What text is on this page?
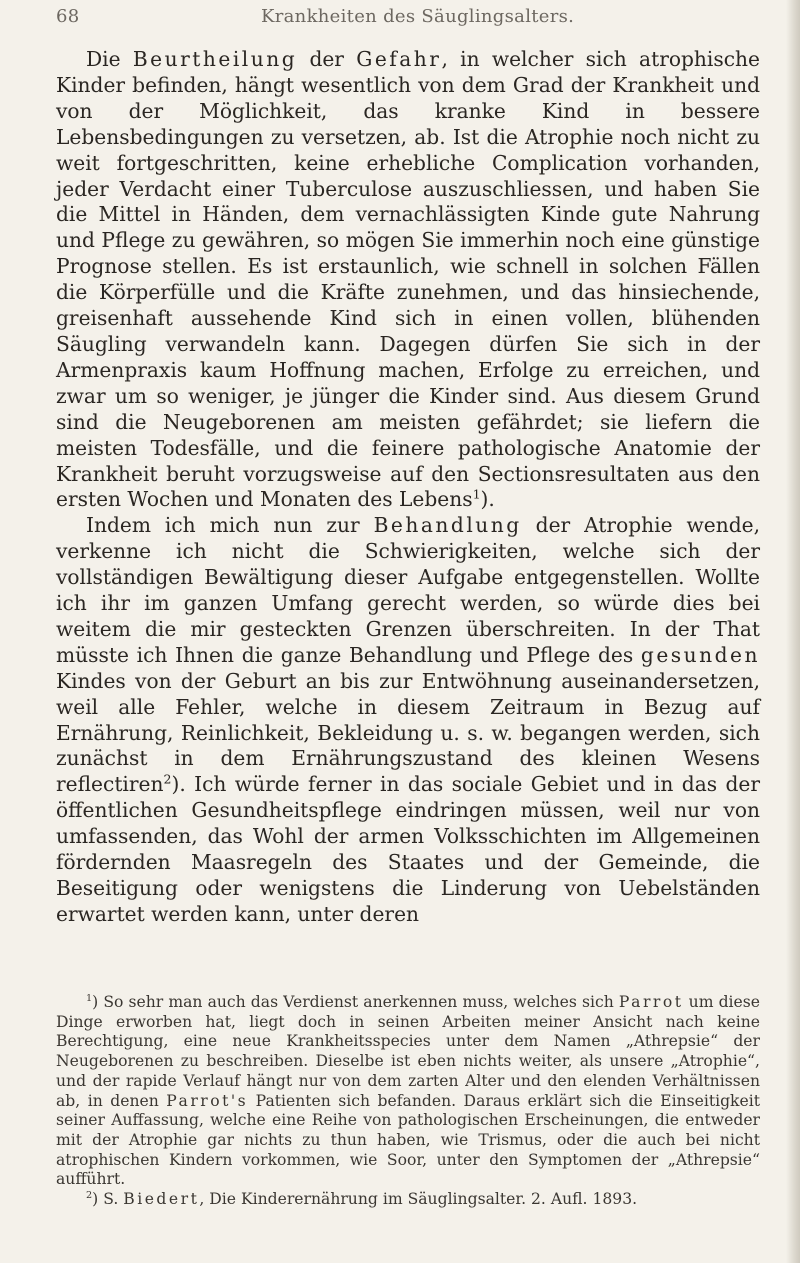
68	Krankheiten des Säuglingsalters.

Die Beurtheilung der Gefahr, in welcher sich atrophische Kinder befinden, hängt wesentlich von dem Grad der Krankheit und von der Möglichkeit, das kranke Kind in bessere Lebensbedingungen zu versetzen, ab. Ist die Atrophie noch nicht zu weit fortgeschritten, keine erhebliche Complication vorhanden, jeder Verdacht einer Tuberculose auszuschliessen, und haben Sie die Mittel in Händen, dem vernachlässigten Kinde gute Nahrung und Pflege zu gewähren, so mögen Sie immerhin noch eine günstige Prognose stellen. Es ist erstaunlich, wie schnell in solchen Fällen die Körperfülle und die Kräfte zunehmen, und das hinsiechende, greisenhaft aussehende Kind sich in einen vollen, blühenden Säugling verwandeln kann. Dagegen dürfen Sie sich in der Armenpraxis kaum Hoffnung machen, Erfolge zu erreichen, und zwar um so weniger, je jünger die Kinder sind. Aus diesem Grund sind die Neugeborenen am meisten gefährdet; sie liefern die meisten Todesfälle, und die feinere pathologische Anatomie der Krankheit beruht vorzugsweise auf den Sectionsresultaten aus den ersten Wochen und Monaten des Lebens$^1$).

Indem ich mich nun zur Behandlung der Atrophie wende, verkenne ich nicht die Schwierigkeiten, welche sich der vollständigen Bewältigung dieser Aufgabe entgegenstellen. Wollte ich ihr im ganzen Umfang gerecht werden, so würde dies bei weitem die mir gesteckten Grenzen überschreiten. In der That müsste ich Ihnen die ganze Behandlung und Pflege des gesunden Kindes von der Geburt an bis zur Entwöhnung auseinandersetzen, weil alle Fehler, welche in diesem Zeitraum in Bezug auf Ernährung, Reinlichkeit, Bekleidung u. s. w. begangen werden, sich zunächst in dem Ernährungszustand des kleinen Wesens reflectiren$^2$). Ich würde ferner in das sociale Gebiet und in das der öffentlichen Gesundheitspflege eindringen müssen, weil nur von umfassenden, das Wohl der armen Volksschichten im Allgemeinen fördernden Maasregeln des Staates und der Gemeinde, die Beseitigung oder wenigstens die Linderung von Uebelständen erwartet werden kann, unter deren

$^1$) So sehr man auch das Verdienst anerkennen muss, welches sich Parrot um diese Dinge erworben hat, liegt doch in seinen Arbeiten meiner Ansicht nach keine Berechtigung, eine neue Krankheitsspecies unter dem Namen „Athrepsie“ der Neugeborenen zu beschreiben. Dieselbe ist eben nichts weiter, als unsere „Atrophie“, und der rapide Verlauf hängt nur von dem zarten Alter und den elenden Verhältnissen ab, in denen Parrot's Patienten sich befanden. Daraus erklärt sich die Einseitigkeit seiner Auffassung, welche eine Reihe von pathologischen Erscheinungen, die entweder mit der Atrophie gar nichts zu thun haben, wie Trismus, oder die auch bei nicht atrophischen Kindern vorkommen, wie Soor, unter den Symptomen der „Athrepsie“ aufführt.

$^2$) S. Biedert, Die Kinderernährung im Säuglingsalter. 2. Aufl. 1893.
